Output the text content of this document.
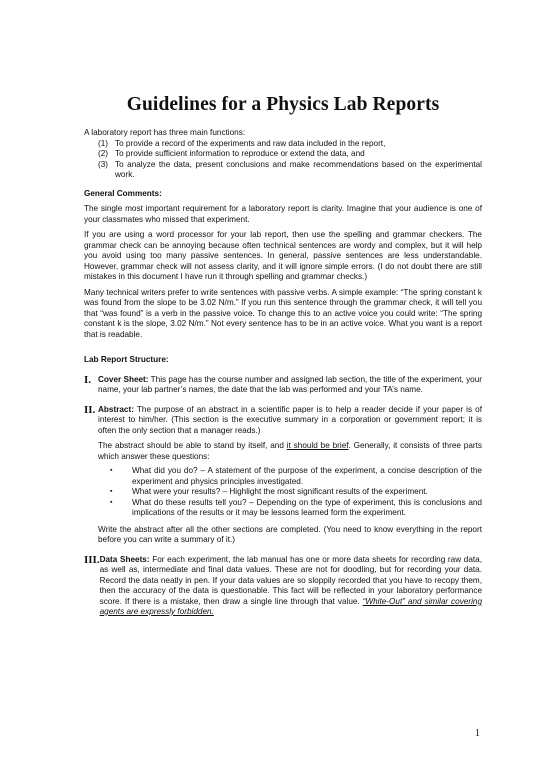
Guidelines for a Physics Lab Reports

A laboratory report has three main functions:

(1) To provide a record of the experiments and raw data included in the report,
(2) To provide sufficient information to reproduce or extend the data, and
(3) To analyze the data, present conclusions and make recommendations based on the experimental work.
General Comments:

The single most important requirement for a laboratory report is clarity. Imagine that your audience is one of your classmates who missed that experiment.

If you are using a word processor for your lab report, then use the spelling and grammar checkers. The grammar check can be annoying because often technical sentences are wordy and complex, but it will help you avoid using too many passive sentences. In general, passive sentences are less understandable. However, grammar check will not assess clarity, and it will ignore simple errors. (I do not doubt there are still mistakes in this document I have run it through spelling and grammar checks.)

Many technical writers prefer to write sentences with passive verbs. A simple example: “The spring constant k was found from the slope to be 3.02 N/m.” If you run this sentence through the grammar check, it will tell you that “was found” is a verb in the passive voice. To change this to an active voice you could write: “The spring constant k is the slope, 3.02 N/m.” Not every sentence has to be in an active voice. What you want is a report that is readable.

Lab Report Structure:
I. Cover Sheet: This page has the course number and assigned lab section, the title of the experiment, your name, your lab partner’s names, the date that the lab was performed and your TA’s name.

II. Abstract: The purpose of an abstract in a scientific paper is to help a reader decide if your paper is of interest to him/her. (This section is the executive summary in a corporation or government report; it is often the only section that a manager reads.)

The abstract should be able to stand by itself, and it should be brief. Generally, it consists of three parts which answer these questions:

▪	What did you do? – A statement of the purpose of the experiment, a concise description of the experiment and physics principles investigated.
▪	What were your results? – Highlight the most significant results of the experiment.
▪	What do these results tell you? – Depending on the type of experiment, this is conclusions and implications of the results or it may be lessons learned form the experiment.

Write the abstract after all the other sections are completed. (You need to know everything in the report before you can write a summary of it.)

III. Data Sheets: For each experiment, the lab manual has one or more data sheets for recording raw data, as well as, intermediate and final data values. These are not for doodling, but for recording your data. Record the data neatly in pen. If your data values are so sloppily recorded that you have to recopy them, then the accuracy of the data is questionable. This fact will be reflected in your laboratory performance score. If there is a mistake, then draw a single line through that value. “White-Out” and similar covering agents are expressly forbidden.

1
